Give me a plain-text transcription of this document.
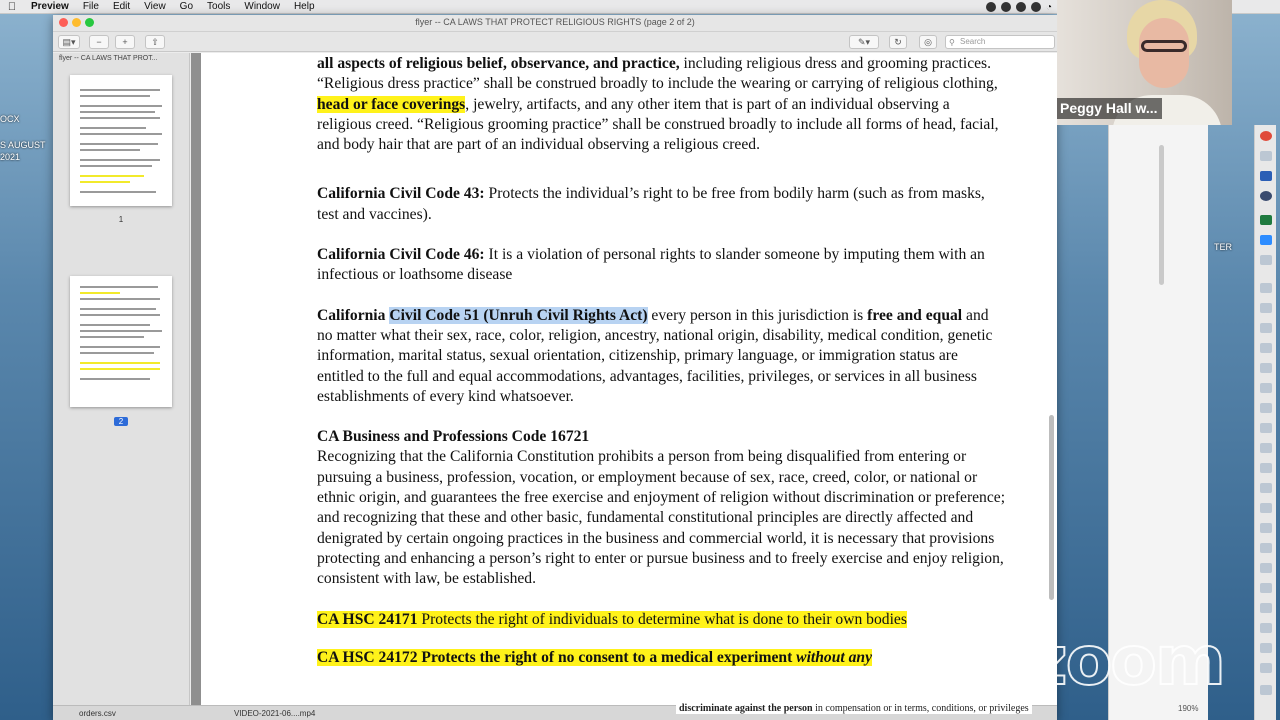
OCX
S AUGUST
2021
TER
Preview	File	Edit	View	Go	Tools	Window	Help	◔
flyer -- CA LAWS THAT PROTECT RELIGIOUS RIGHTS (page 2 of 2)
▤▾	−	+	⇧	✎▾	↻	◎	⚲ Search
flyer -- CA LAWS THAT PROT...
1
2
all aspects of religious belief, observance, and practice, including religious dress and grooming practices. “Religious dress practice” shall be construed broadly to include the wearing or carrying of religious clothing, head or face coverings, jewelry, artifacts, and any other item that is part of an individual observing a religious creed. “Religious grooming practice” shall be construed broadly to include all forms of head, facial, and body hair that are part of an individual observing a religious creed.
California Civil Code 43: Protects the individual’s right to be free from bodily harm (such as from masks, test and vaccines).
California Civil Code 46: It is a violation of personal rights to slander someone by imputing them with an infectious or loathsome disease
California Civil Code 51 (Unruh Civil Rights Act) every person in this jurisdiction is free and equal and no matter what their sex, race, color, religion, ancestry, national origin, disability, medical condition, genetic information, marital status, sexual orientation, citizenship, primary language, or immigration status are entitled to the full and equal accommodations, advantages, facilities, privileges, or services in all business establishments of every kind whatsoever.
CA Business and Professions Code 16721
Recognizing that the California Constitution prohibits a person from being disqualified from entering or pursuing a business, profession, vocation, or employment because of sex, race, creed, color, or national or ethnic origin, and guarantees the free exercise and enjoyment of religion without discrimination or preference; and recognizing that these and other basic, fundamental constitutional principles are directly affected and denigrated by certain ongoing practices in the business and commercial world, it is necessary that provisions protecting and enhancing a person’s right to enter or pursue business and to freely exercise and enjoy religion, consistent with law, be established.
CA HSC 24171 Protects the right of individuals to determine what is done to their own bodies
CA HSC 24172 Protects the right of no consent to a medical experiment without any
orders.csv	VIDEO-2021-06....mp4	discriminate against the person in compensation or in terms, conditions, or privileges	190%
Peggy Hall w...
zoom
